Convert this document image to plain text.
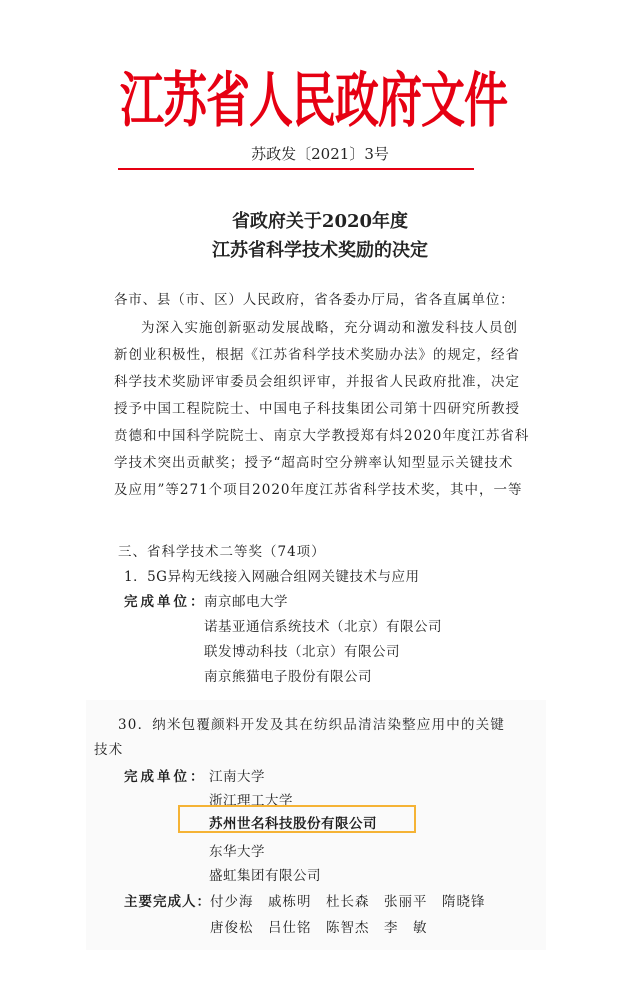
江苏省人民政府文件
苏政发〔2021〕3号
省政府关于2020年度
江苏省科学技术奖励的决定
各市、县（市、区）人民政府，省各委办厅局，省各直属单位：
为深入实施创新驱动发展战略，充分调动和激发科技人员创
新创业积极性，根据《江苏省科学技术奖励办法》的规定，经省
科学技术奖励评审委员会组织评审，并报省人民政府批准，决定
授予中国工程院院士、中国电子科技集团公司第十四研究所教授
贲德和中国科学院院士、南京大学教授郑有炓2020年度江苏省科
学技术突出贡献奖；授予“超高时空分辨率认知型显示关键技术
及应用”等271个项目2020年度江苏省科学技术奖，其中，一等
三、省科学技术二等奖（74项）
1．5G异构无线接入网融合组网关键技术与应用
完成单位：
南京邮电大学
诺基亚通信系统技术（北京）有限公司
联发博动科技（北京）有限公司
南京熊猫电子股份有限公司
30．纳米包覆颜料开发及其在纺织品清洁染整应用中的关键
技术
完成单位： 江南大学
浙江理工大学
苏州世名科技股份有限公司
东华大学
盛虹集团有限公司
主要完成人： 付少海　戚栋明　杜长森　张丽平　隋晓锋
唐俊松　吕仕铭　陈智杰　李　敏
